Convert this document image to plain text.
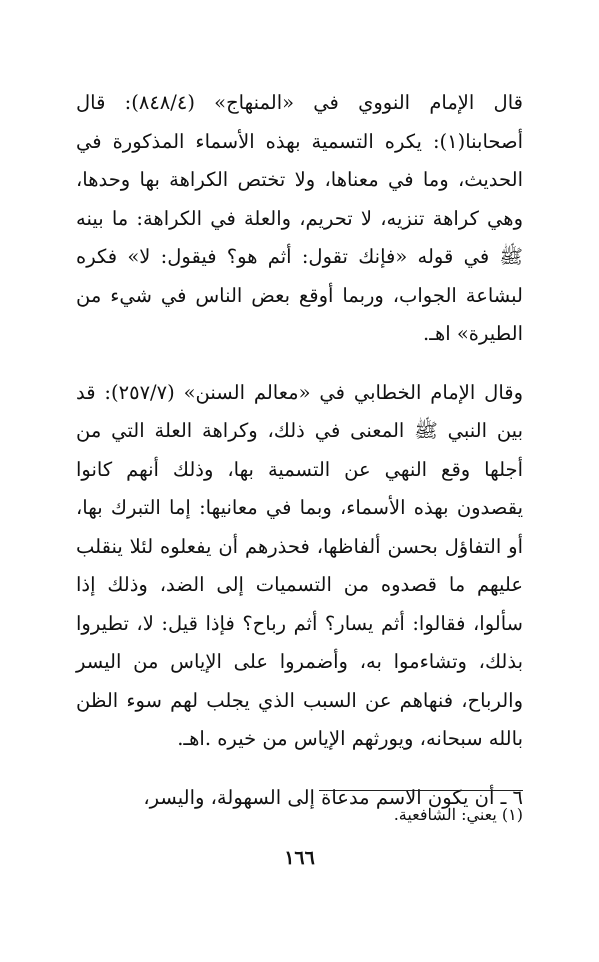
قال الإمام النووي في «المنهاج» (٨٤٨/٤): قال أصحابنا(١): يكره التسمية بهذه الأسماء المذكورة في الحديث، وما في معناها، ولا تختص الكراهة بها وحدها، وهي كراهة تنزيه، لا تحريم، والعلة في الكراهة: ما بينه ﷺ في قوله «فإنك تقول: أثم هو؟ فيقول: لا» فكره لبشاعة الجواب، وربما أوقع بعض الناس في شيء من الطيرة» اهـ.

وقال الإمام الخطابي في «معالم السنن» (٢٥٧/٧): قد بين النبي ﷺ المعنى في ذلك، وكراهة العلة التي من أجلها وقع النهي عن التسمية بها، وذلك أنهم كانوا يقصدون بهذه الأسماء، وبما في معانيها: إما التبرك بها، أو التفاؤل بحسن ألفاظها، فحذرهم أن يفعلوه لئلا ينقلب عليهم ما قصدوه من التسميات إلى الضد، وذلك إذا سألوا، فقالوا: أثم يسار؟ أثم رباح؟ فإذا قيل: لا، تطيروا بذلك، وتشاءموا به، وأضمروا على الإياس من اليسر والرباح، فنهاهم عن السبب الذي يجلب لهم سوء الظن بالله سبحانه، ويورثهم الإياس من خيره .اهـ.

٦ ـ أن يكون الاسم مدعاة إلى السهولة، واليسر،

(١) يعني: الشافعية.

١٦٦
